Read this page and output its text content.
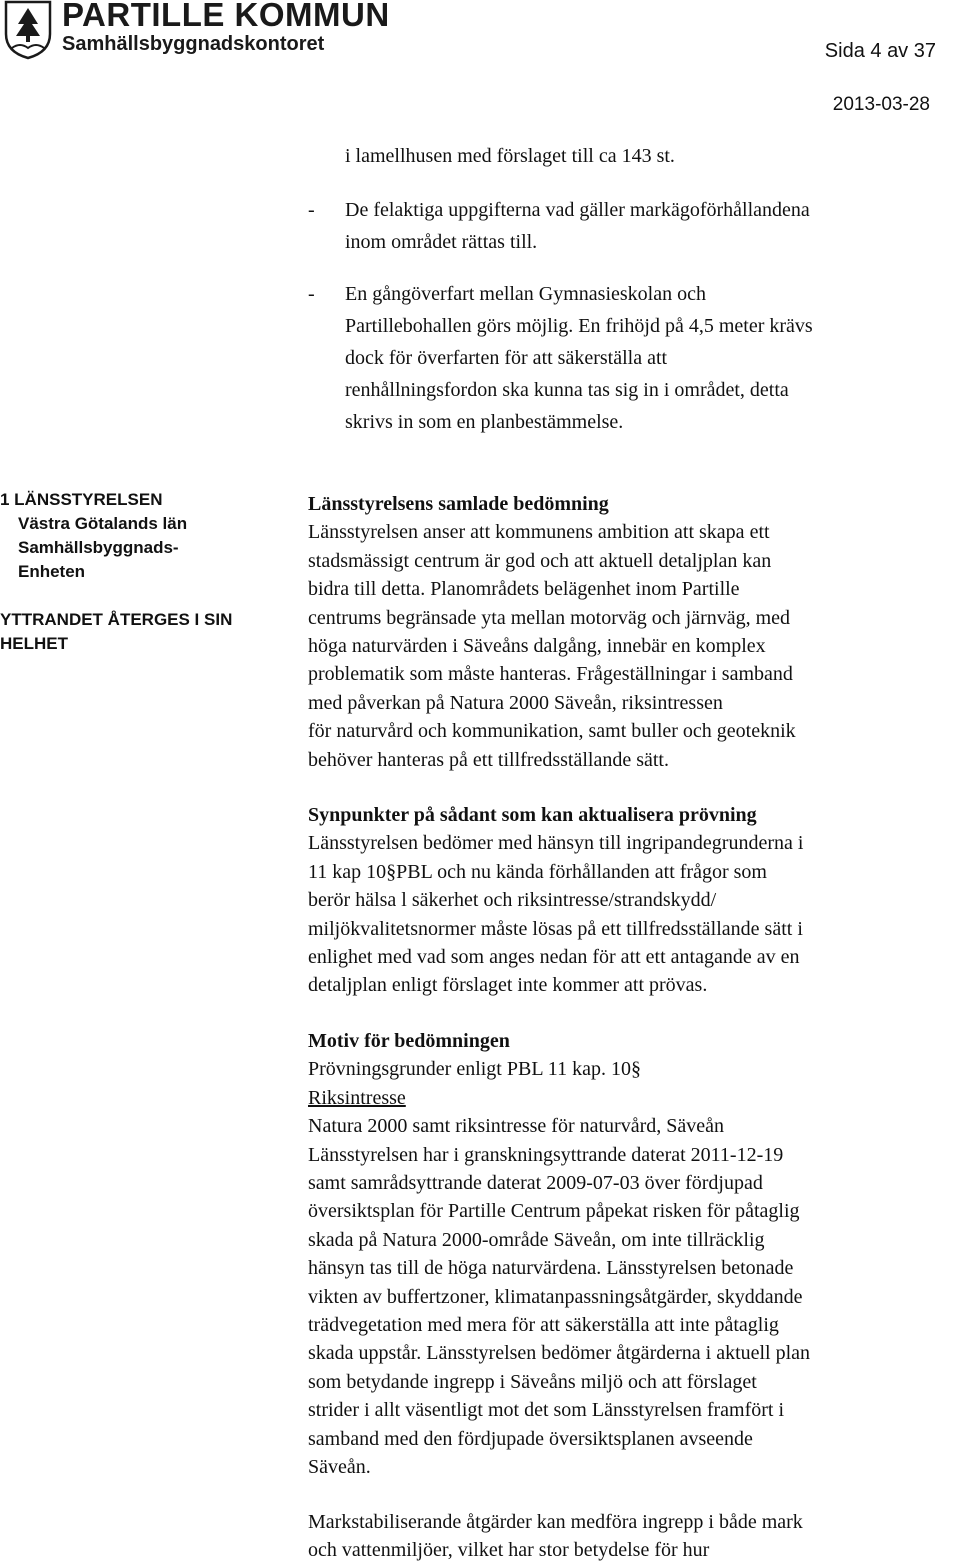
PARTILLE KOMMUN
Samhällsbyggnadskontoret	Sida 4 av 37
2013-03-28
i lamellhusen med förslaget till ca 143 st.
- De felaktiga uppgifterna vad gäller markägoförhållandena
inom området rättas till.
- En gångöverfart mellan Gymnasieskolan och
Partillebohallen görs möjlig. En frihöjd på 4,5 meter krävs
dock för överfarten för att säkerställa att
renhållningsfordon ska kunna tas sig in i området, detta
skrivs in som en planbestämmelse.
1 LÄNSSTYRELSEN
Västra Götalands län
Samhällsbyggnads-
Enheten
YTTRANDET ÅTERGES I SIN
HELHET
Länsstyrelsens samlade bedömning

Länsstyrelsen anser att kommunens ambition att skapa ett
stadsmässigt centrum är god och att aktuell detaljplan kan
bidra till detta. Planområdets belägenhet inom Partille
centrums begränsade yta mellan motorväg och järnväg, med
höga naturvärden i Säveåns dalgång, innebär en komplex
problematik som måste hanteras. Frågeställningar i samband
med påverkan på Natura 2000 Säveån, riksintressen
för naturvård och kommunikation, samt buller och geoteknik
behöver hanteras på ett tillfredsställande sätt.

Synpunkter på sådant som kan aktualisera prövning

Länsstyrelsen bedömer med hänsyn till ingripandegrunderna i
11 kap 10§PBL och nu kända förhållanden att frågor som
berör hälsa l säkerhet och riksintresse/strandskydd/
miljökvalitetsnormer måste lösas på ett tillfredsställande sätt i
enlighet med vad som anges nedan för att ett antagande av en
detaljplan enligt förslaget inte kommer att prövas.

Motiv för bedömningen
Prövningsgrunder enligt PBL 11 kap. 10§
Riksintresse

Natura 2000 samt riksintresse för naturvård, Säveån
Länsstyrelsen har i granskningsyttrande daterat 2011-12-19
samt samrådsyttrande daterat 2009-07-03 över fördjupad
översiktsplan för Partille Centrum påpekat risken för påtaglig
skada på Natura 2000-område Säveån, om inte tillräcklig
hänsyn tas till de höga naturvärdena. Länsstyrelsen betonade
vikten av buffertzoner, klimatanpassningsåtgärder, skyddande
trädvegetation med mera för att säkerställa att inte påtaglig
skada uppstår. Länsstyrelsen bedömer åtgärderna i aktuell plan
som betydande ingrepp i Säveåns miljö och att förslaget
strider i allt väsentligt mot det som Länsstyrelsen framfört i
samband med den fördjupade översiktsplanen avseende
Säveån.

Markstabiliserande åtgärder kan medföra ingrepp i både mark
och vattenmiljöer, vilket har stor betydelse för hur
